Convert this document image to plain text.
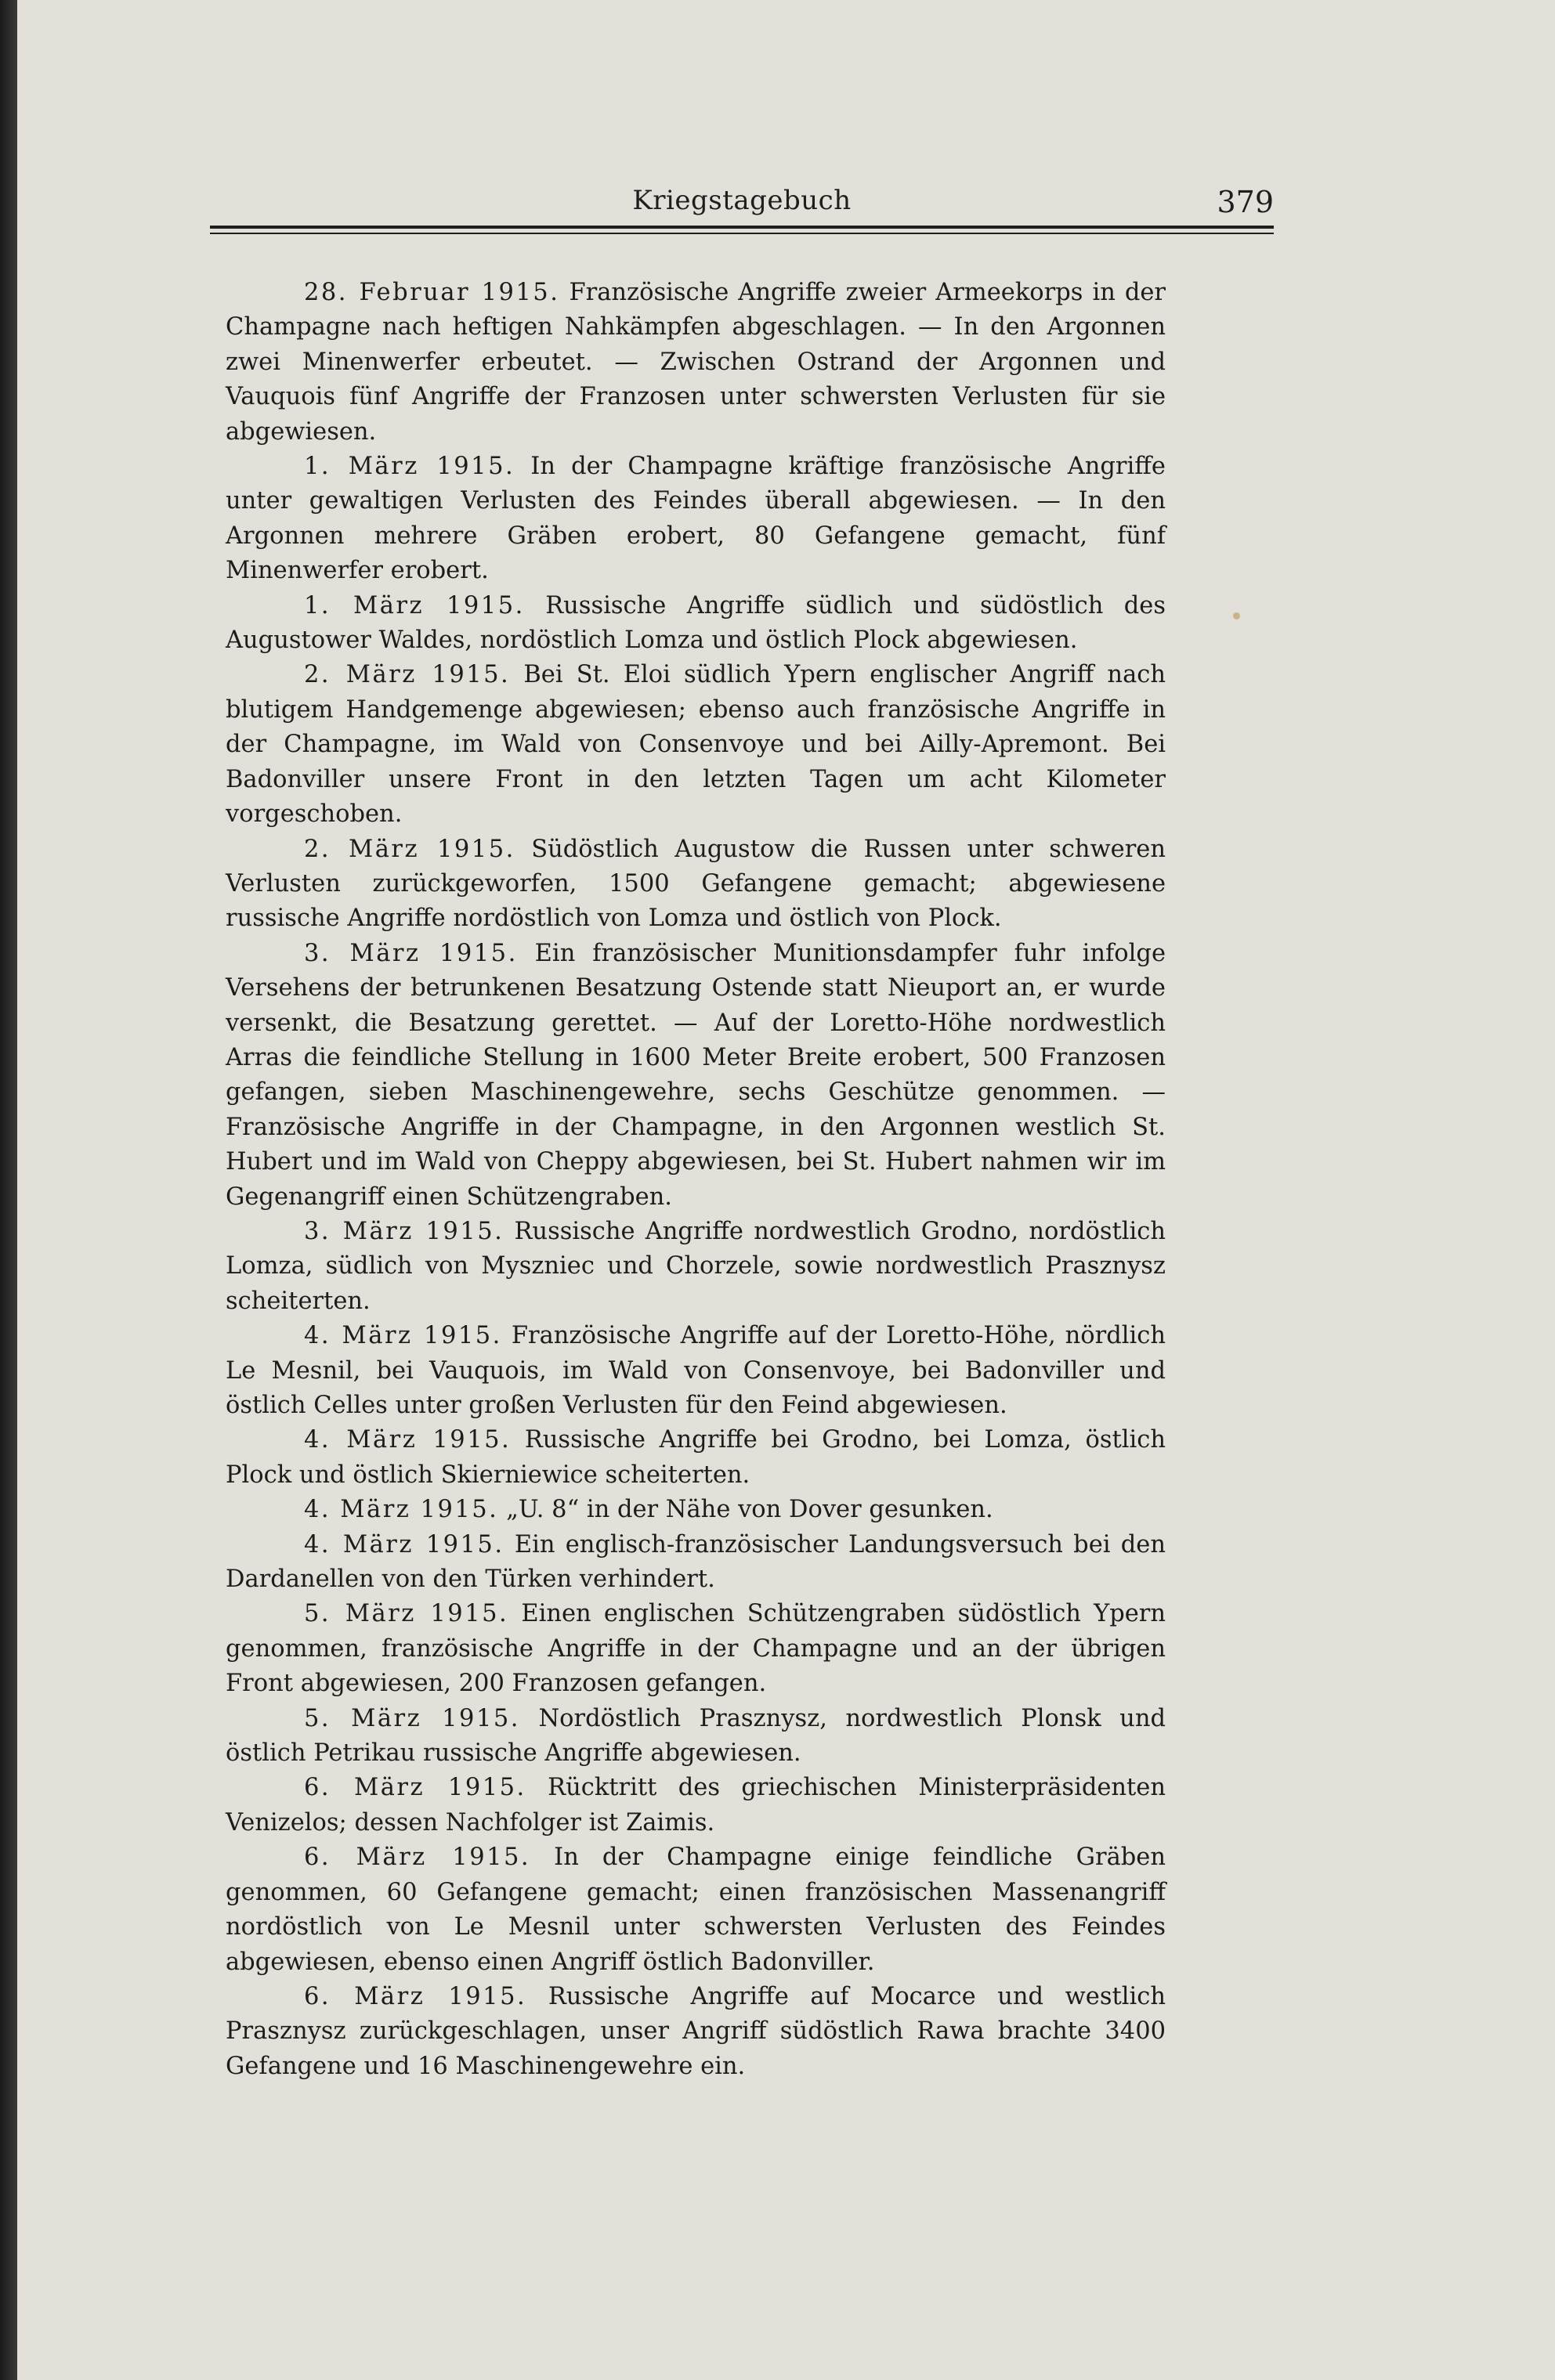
Kriegstagebuch	379

28. Februar 1915. Französische Angriffe zweier Armeekorps in der Champagne nach heftigen Nahkämpfen abgeschlagen. — In den Argonnen zwei Minenwerfer erbeutet. — Zwischen Ostrand der Argonnen und Vauquois fünf Angriffe der Franzosen unter schwersten Verlusten für sie abgewiesen.

1. März 1915. In der Champagne kräftige französische Angriffe unter gewaltigen Verlusten des Feindes überall abgewiesen. — In den Argonnen mehrere Gräben erobert, 80 Gefangene gemacht, fünf Minenwerfer erobert.

1. März 1915. Russische Angriffe südlich und südöstlich des Augustower Waldes, nordöstlich Lomza und östlich Plock abgewiesen.

2. März 1915. Bei St. Eloi südlich Ypern englischer Angriff nach blutigem Handgemenge abgewiesen; ebenso auch französische Angriffe in der Champagne, im Wald von Consenvoye und bei Ailly-Apremont. Bei Badonviller unsere Front in den letzten Tagen um acht Kilometer vorgeschoben.

2. März 1915. Südöstlich Augustow die Russen unter schweren Verlusten zurückgeworfen, 1500 Gefangene gemacht; abgewiesene russische Angriffe nordöstlich von Lomza und östlich von Plock.

3. März 1915. Ein französischer Munitionsdampfer fuhr infolge Versehens der betrunkenen Besatzung Ostende statt Nieuport an, er wurde versenkt, die Besatzung gerettet. — Auf der Loretto-Höhe nordwestlich Arras die feindliche Stellung in 1600 Meter Breite erobert, 500 Franzosen gefangen, sieben Maschinengewehre, sechs Geschütze genommen. — Französische Angriffe in der Champagne, in den Argonnen westlich St. Hubert und im Wald von Cheppy abgewiesen, bei St. Hubert nahmen wir im Gegenangriff einen Schützengraben.

3. März 1915. Russische Angriffe nordwestlich Grodno, nordöstlich Lomza, südlich von Myszniec und Chorzele, sowie nordwestlich Prasznysz scheiterten.

4. März 1915. Französische Angriffe auf der Loretto-Höhe, nördlich Le Mesnil, bei Vauquois, im Wald von Consenvoye, bei Badonviller und östlich Celles unter großen Verlusten für den Feind abgewiesen.

4. März 1915. Russische Angriffe bei Grodno, bei Lomza, östlich Plock und östlich Skierniewice scheiterten.

4. März 1915. „U. 8“ in der Nähe von Dover gesunken.

4. März 1915. Ein englisch-französischer Landungsversuch bei den Dardanellen von den Türken verhindert.

5. März 1915. Einen englischen Schützengraben südöstlich Ypern genommen, französische Angriffe in der Champagne und an der übrigen Front abgewiesen, 200 Franzosen gefangen.

5. März 1915. Nordöstlich Prasznysz, nordwestlich Plonsk und östlich Petrikau russische Angriffe abgewiesen.

6. März 1915. Rücktritt des griechischen Ministerpräsidenten Venizelos; dessen Nachfolger ist Zaimis.

6. März 1915. In der Champagne einige feindliche Gräben genommen, 60 Gefangene gemacht; einen französischen Massenangriff nordöstlich von Le Mesnil unter schwersten Verlusten des Feindes abgewiesen, ebenso einen Angriff östlich Badonviller.

6. März 1915. Russische Angriffe auf Mocarce und westlich Prasznysz zurückgeschlagen, unser Angriff südöstlich Rawa brachte 3400 Gefangene und 16 Maschinengewehre ein.
